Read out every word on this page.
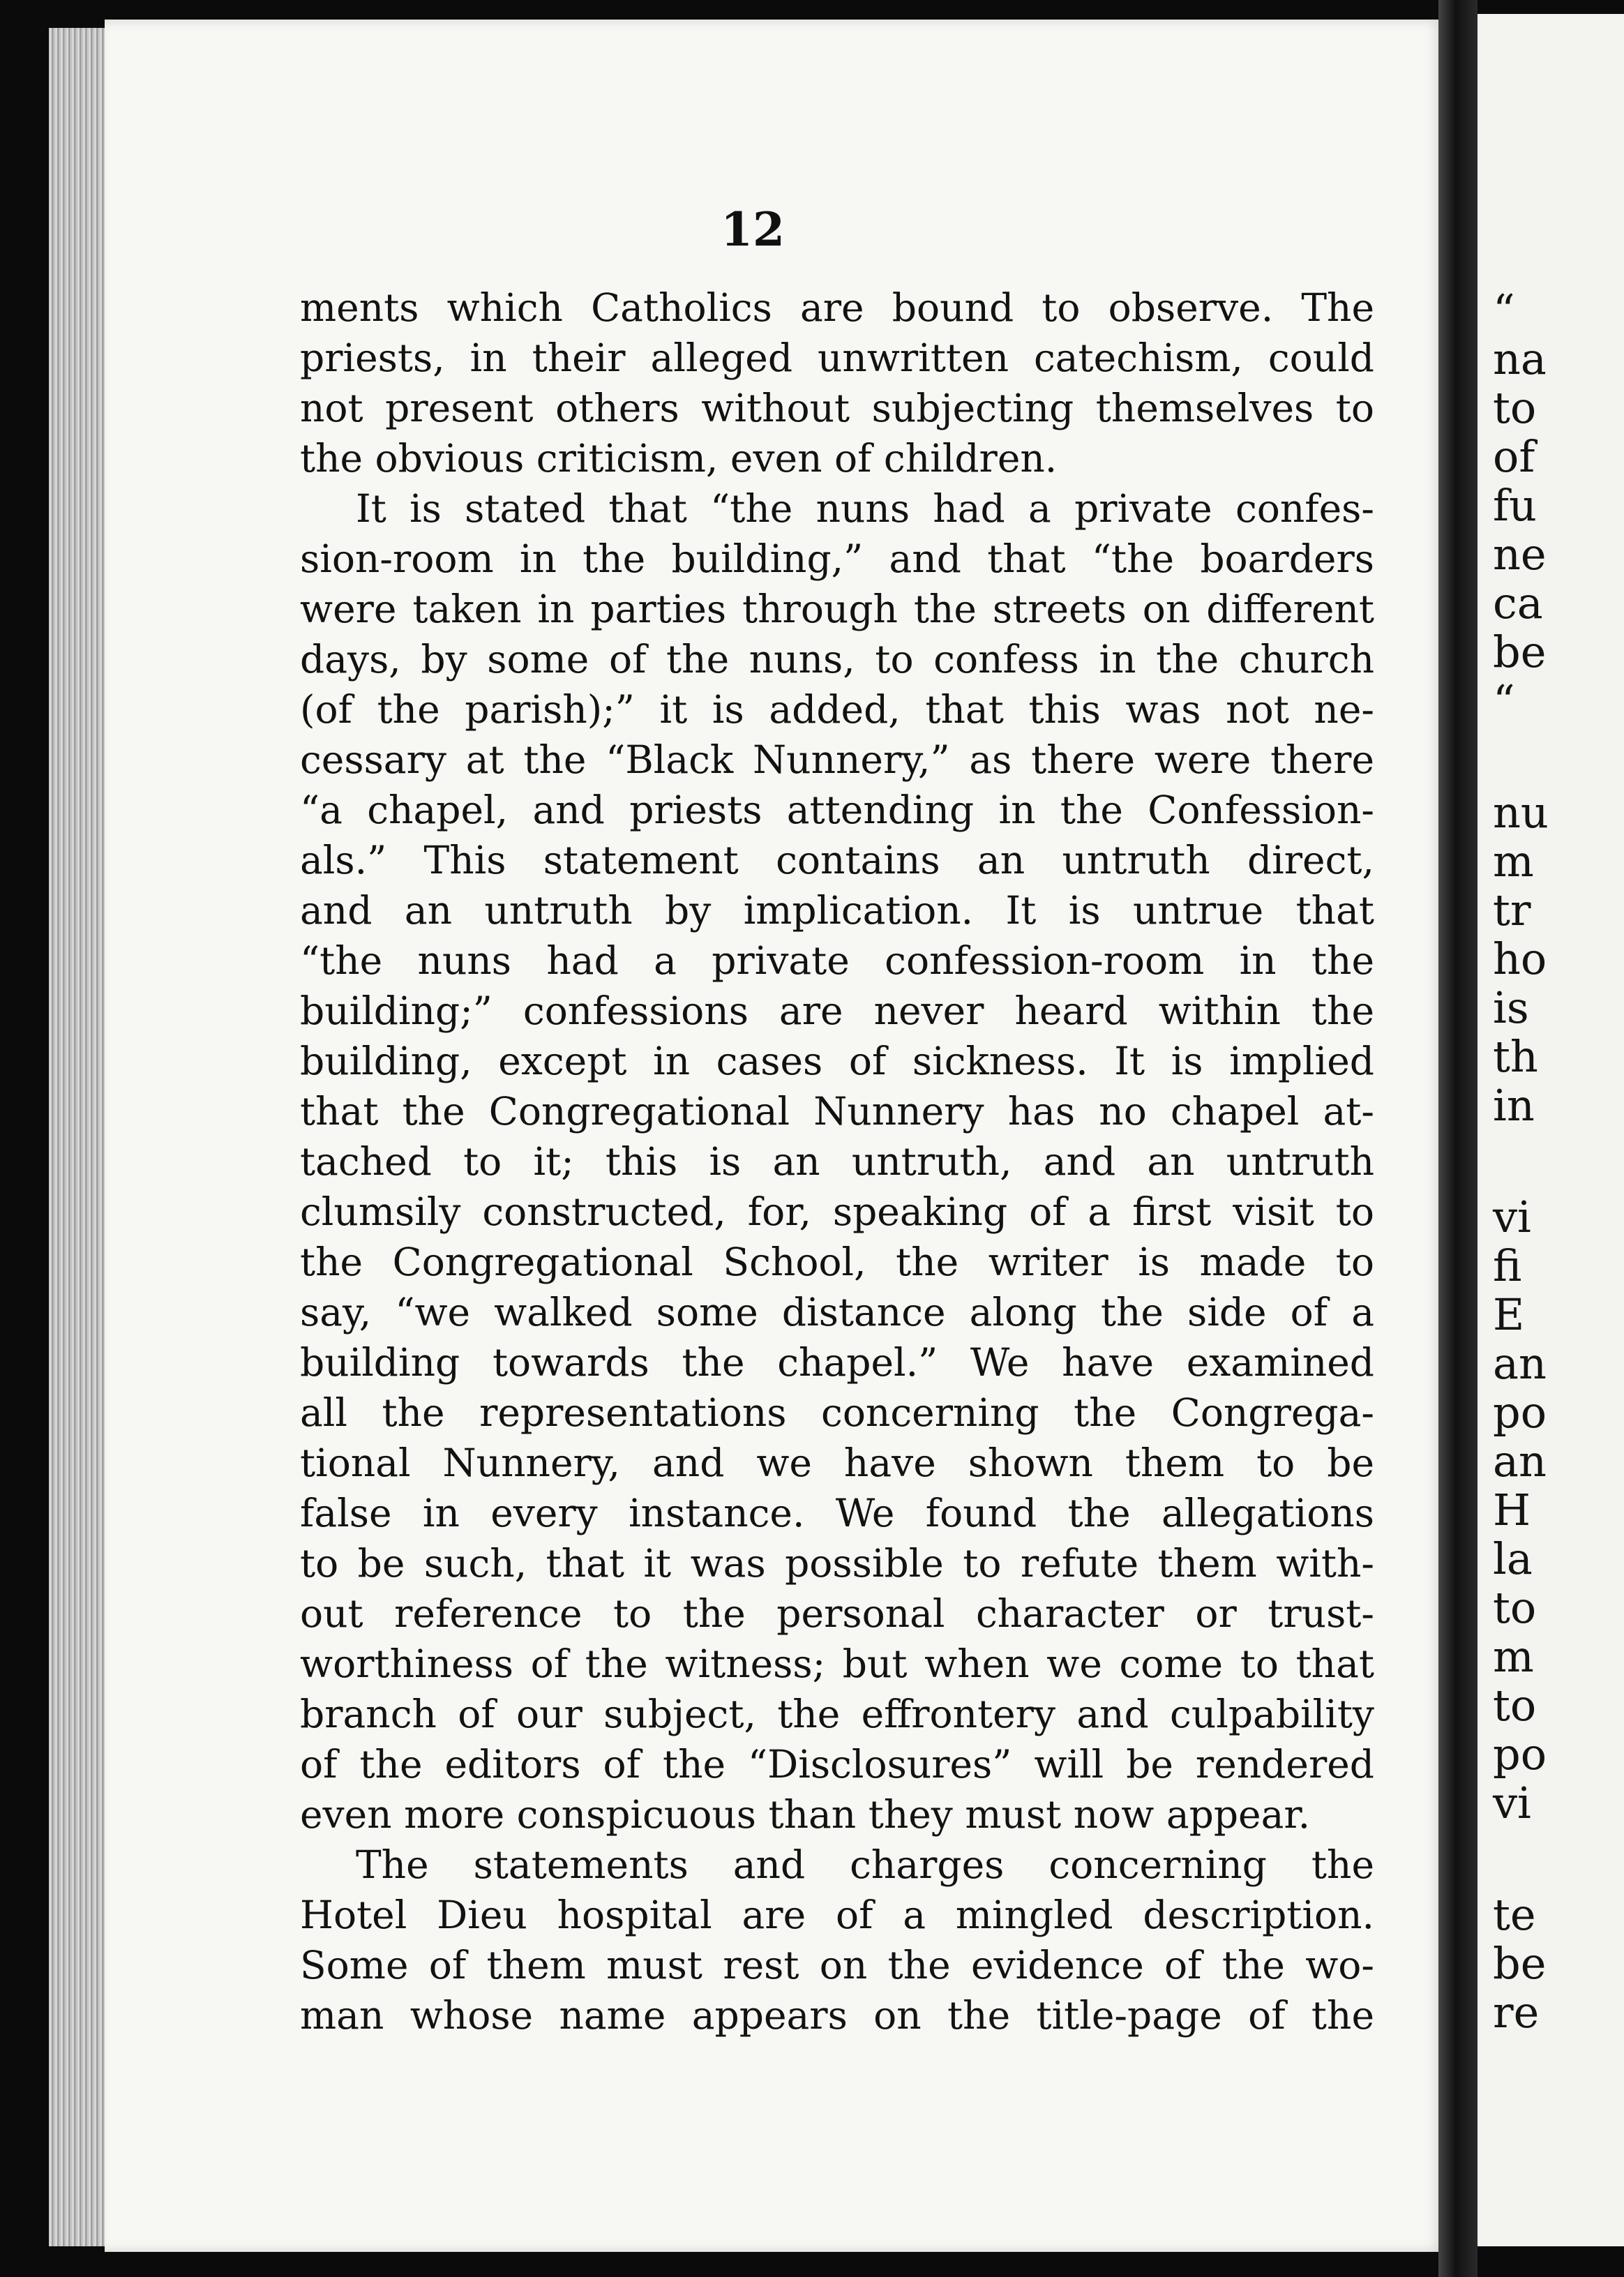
“
na
to
of
fu
ne
ca
be
“
nu
m
tr
ho
is
th
in
vi
fi
E
an
po
an
H
la
to
m
to
po
vi
te
be
re
12
ments which Catholics are bound to observe. The
priests, in their alleged unwritten catechism, could
not present others without subjecting themselves to
the obvious criticism, even of children.
It is stated that “the nuns had a private confes-
sion-room in the building,” and that “the boarders
were taken in parties through the streets on different
days, by some of the nuns, to confess in the church
(of the parish);” it is added, that this was not ne-
cessary at the “Black Nunnery,” as there were there
“a chapel, and priests attending in the Confession-
als.” This statement contains an untruth direct,
and an untruth by implication. It is untrue that
“the nuns had a private confession-room in the
building;” confessions are never heard within the
building, except in cases of sickness. It is implied
that the Congregational Nunnery has no chapel at-
tached to it; this is an untruth, and an untruth
clumsily constructed, for, speaking of a first visit to
the Congregational School, the writer is made to
say, “we walked some distance along the side of a
building towards the chapel.” We have examined
all the representations concerning the Congrega-
tional Nunnery, and we have shown them to be
false in every instance. We found the allegations
to be such, that it was possible to refute them with-
out reference to the personal character or trust-
worthiness of the witness; but when we come to that
branch of our subject, the effrontery and culpability
of the editors of the “Disclosures” will be rendered
even more conspicuous than they must now appear.
The statements and charges concerning the
Hotel Dieu hospital are of a mingled description.
Some of them must rest on the evidence of the wo-
man whose name appears on the title-page of the
